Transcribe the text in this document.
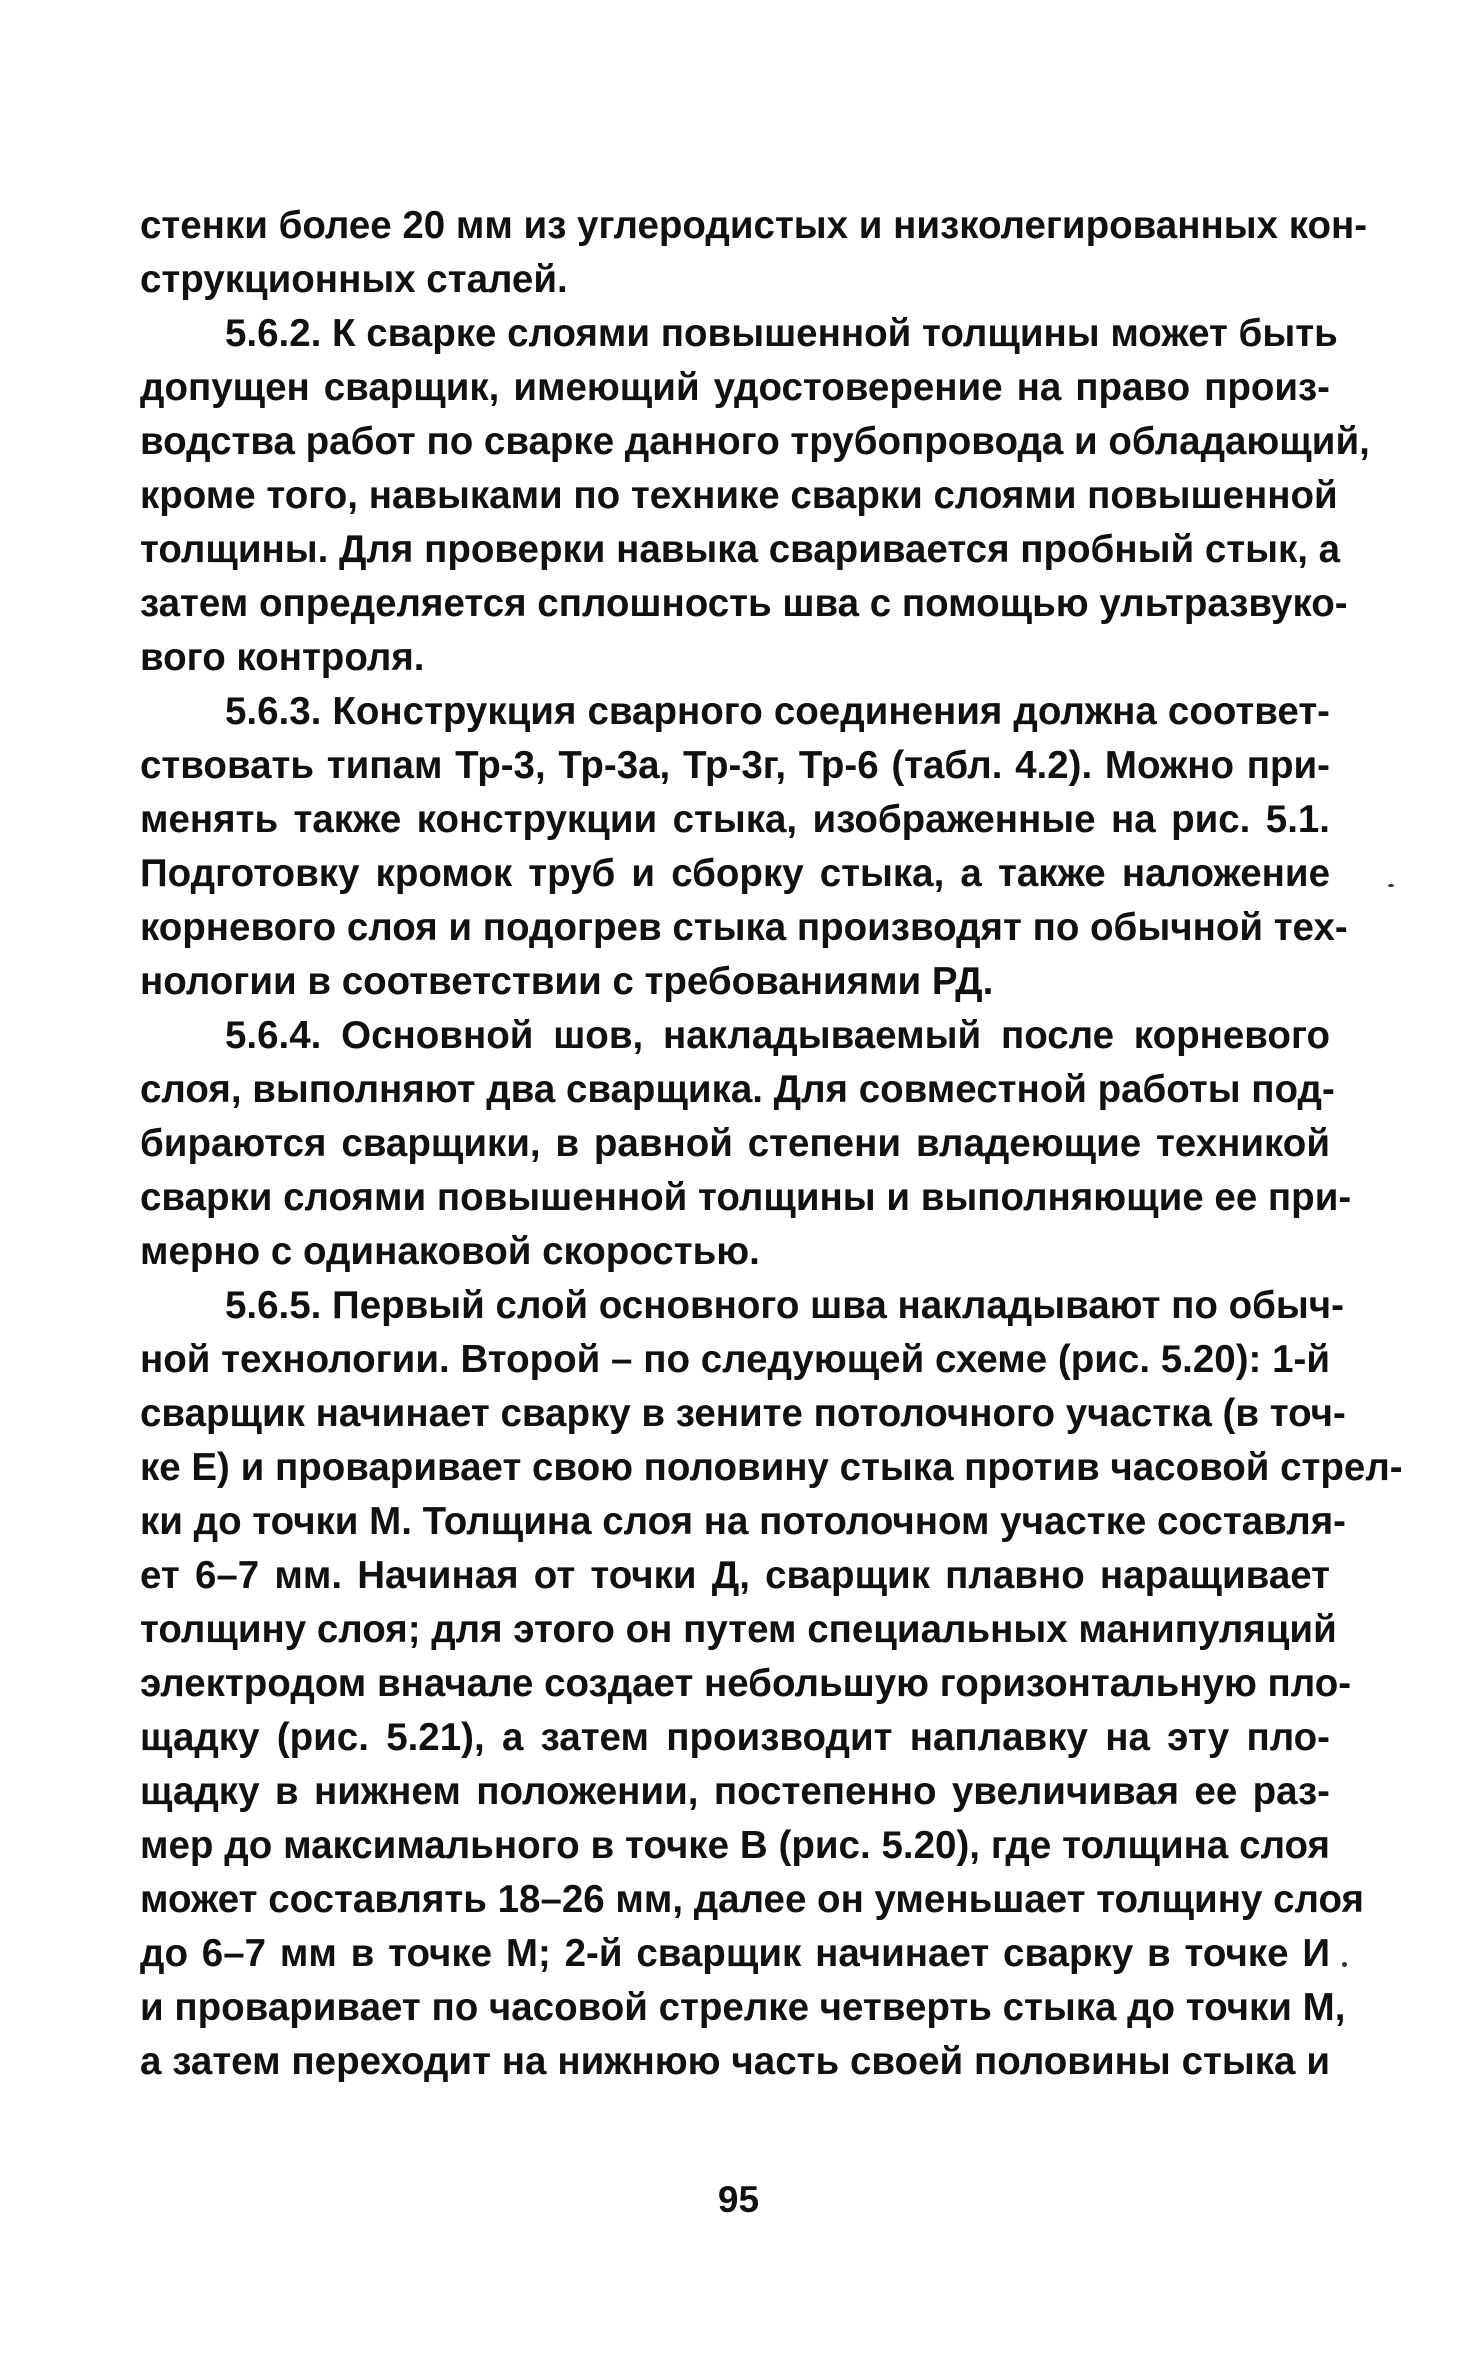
стенки более 20 мм из углеродистых и низколегированных кон-
струкционных сталей.
5.6.2. К сварке слоями повышенной толщины может быть
допущен сварщик, имеющий удостоверение на право произ-
водства работ по сварке данного трубопровода и обладающий,
кроме того, навыками по технике сварки слоями повышенной
толщины. Для проверки навыка сваривается пробный стык, а
затем определяется сплошность шва с помощью ультразвуко-
вого контроля.
5.6.3. Конструкция сварного соединения должна соответ-
ствовать типам Тр-3, Тр-3а, Тр-3г, Тр-6 (табл. 4.2). Можно при-
менять также конструкции стыка, изображенные на рис. 5.1.
Подготовку кромок труб и сборку стыка, а также наложение
корневого слоя и подогрев стыка производят по обычной тех-
нологии в соответствии с требованиями РД.
5.6.4. Основной шов, накладываемый после корневого
слоя, выполняют два сварщика. Для совместной работы под-
бираются сварщики, в равной степени владеющие техникой
сварки слоями повышенной толщины и выполняющие ее при-
мерно с одинаковой скоростью.
5.6.5. Первый слой основного шва накладывают по обыч-
ной технологии. Второй – по следующей схеме (рис. 5.20): 1-й
сварщик начинает сварку в зените потолочного участка (в точ-
ке Е) и проваривает свою половину стыка против часовой стрел-
ки до точки М. Толщина слоя на потолочном участке составля-
ет 6–7 мм. Начиная от точки Д, сварщик плавно наращивает
толщину слоя; для этого он путем специальных манипуляций
электродом вначале создает небольшую горизонтальную пло-
щадку (рис. 5.21), а затем производит наплавку на эту пло-
щадку в нижнем положении, постепенно увеличивая ее раз-
мер до максимального в точке В (рис. 5.20), где толщина слоя
может составлять 18–26 мм, далее он уменьшает толщину слоя
до 6–7 мм в точке М; 2-й сварщик начинает сварку в точке И
и проваривает по часовой стрелке четверть стыка до точки М,
а затем переходит на нижнюю часть своей половины стыка и
95
